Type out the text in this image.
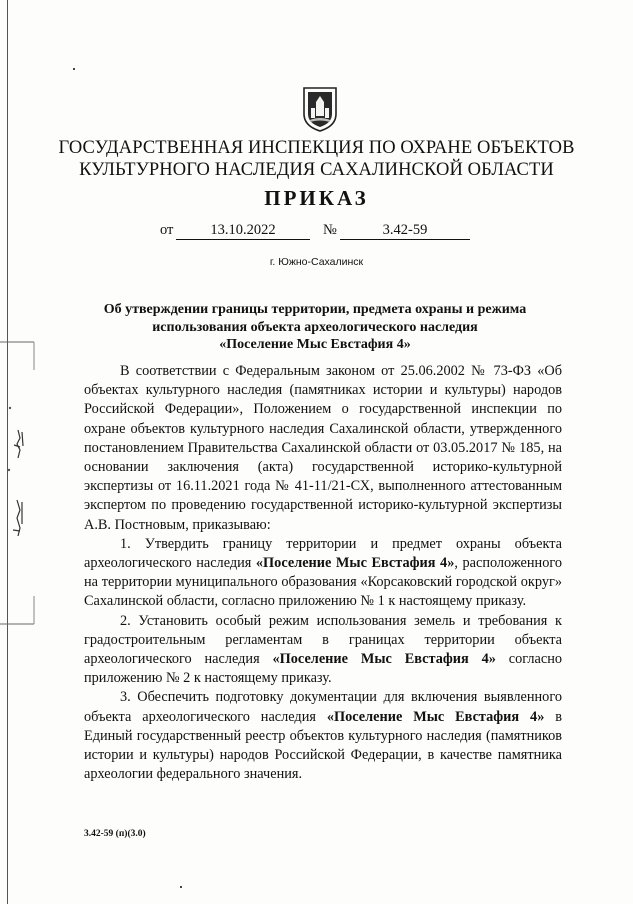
ГОСУДАРСТВЕННАЯ ИНСПЕКЦИЯ ПО ОХРАНЕ ОБЪЕКТОВ
КУЛЬТУРНОГО НАСЛЕДИЯ САХАЛИНСКОЙ ОБЛАСТИ
ПРИКАЗ
от	13.10.2022	№	3.42-59
г. Южно-Сахалинск
Об утверждении границы территории, предмета охраны и режима
использования объекта археологического наследия
«Поселение Мыс Евстафия 4»

В соответствии с Федеральным законом от 25.06.2002 № 73-ФЗ «Об объектах культурного наследия (памятниках истории и культуры) народов Российской Федерации», Положением о государственной инспекции по охране объектов культурного наследия Сахалинской области, утвержденного постановлением Правительства Сахалинской области от 03.05.2017 № 185, на основании заключения (акта) государственной историко-культурной экспертизы от 16.11.2021 года № 41-11/21-СХ, выполненного аттестованным экспертом по проведению государственной историко-культурной экспертизы А.В. Постновым, приказываю:

1. Утвердить границу территории и предмет охраны объекта археологического наследия «Поселение Мыс Евстафия 4», расположенного на территории муниципального образования «Корсаковский городской округ» Сахалинской области, согласно приложению № 1 к настоящему приказу.

2. Установить особый режим использования земель и требования к градостроительным регламентам в границах территории объекта археологического наследия «Поселение Мыс Евстафия 4» согласно приложению № 2 к настоящему приказу.

3. Обеспечить подготовку документации для включения выявленного объекта археологического наследия «Поселение Мыс Евстафия 4» в Единый государственный реестр объектов культурного наследия (памятников истории и культуры) народов Российской Федерации, в качестве памятника археологии федерального значения.

3.42-59 (п)(3.0)
